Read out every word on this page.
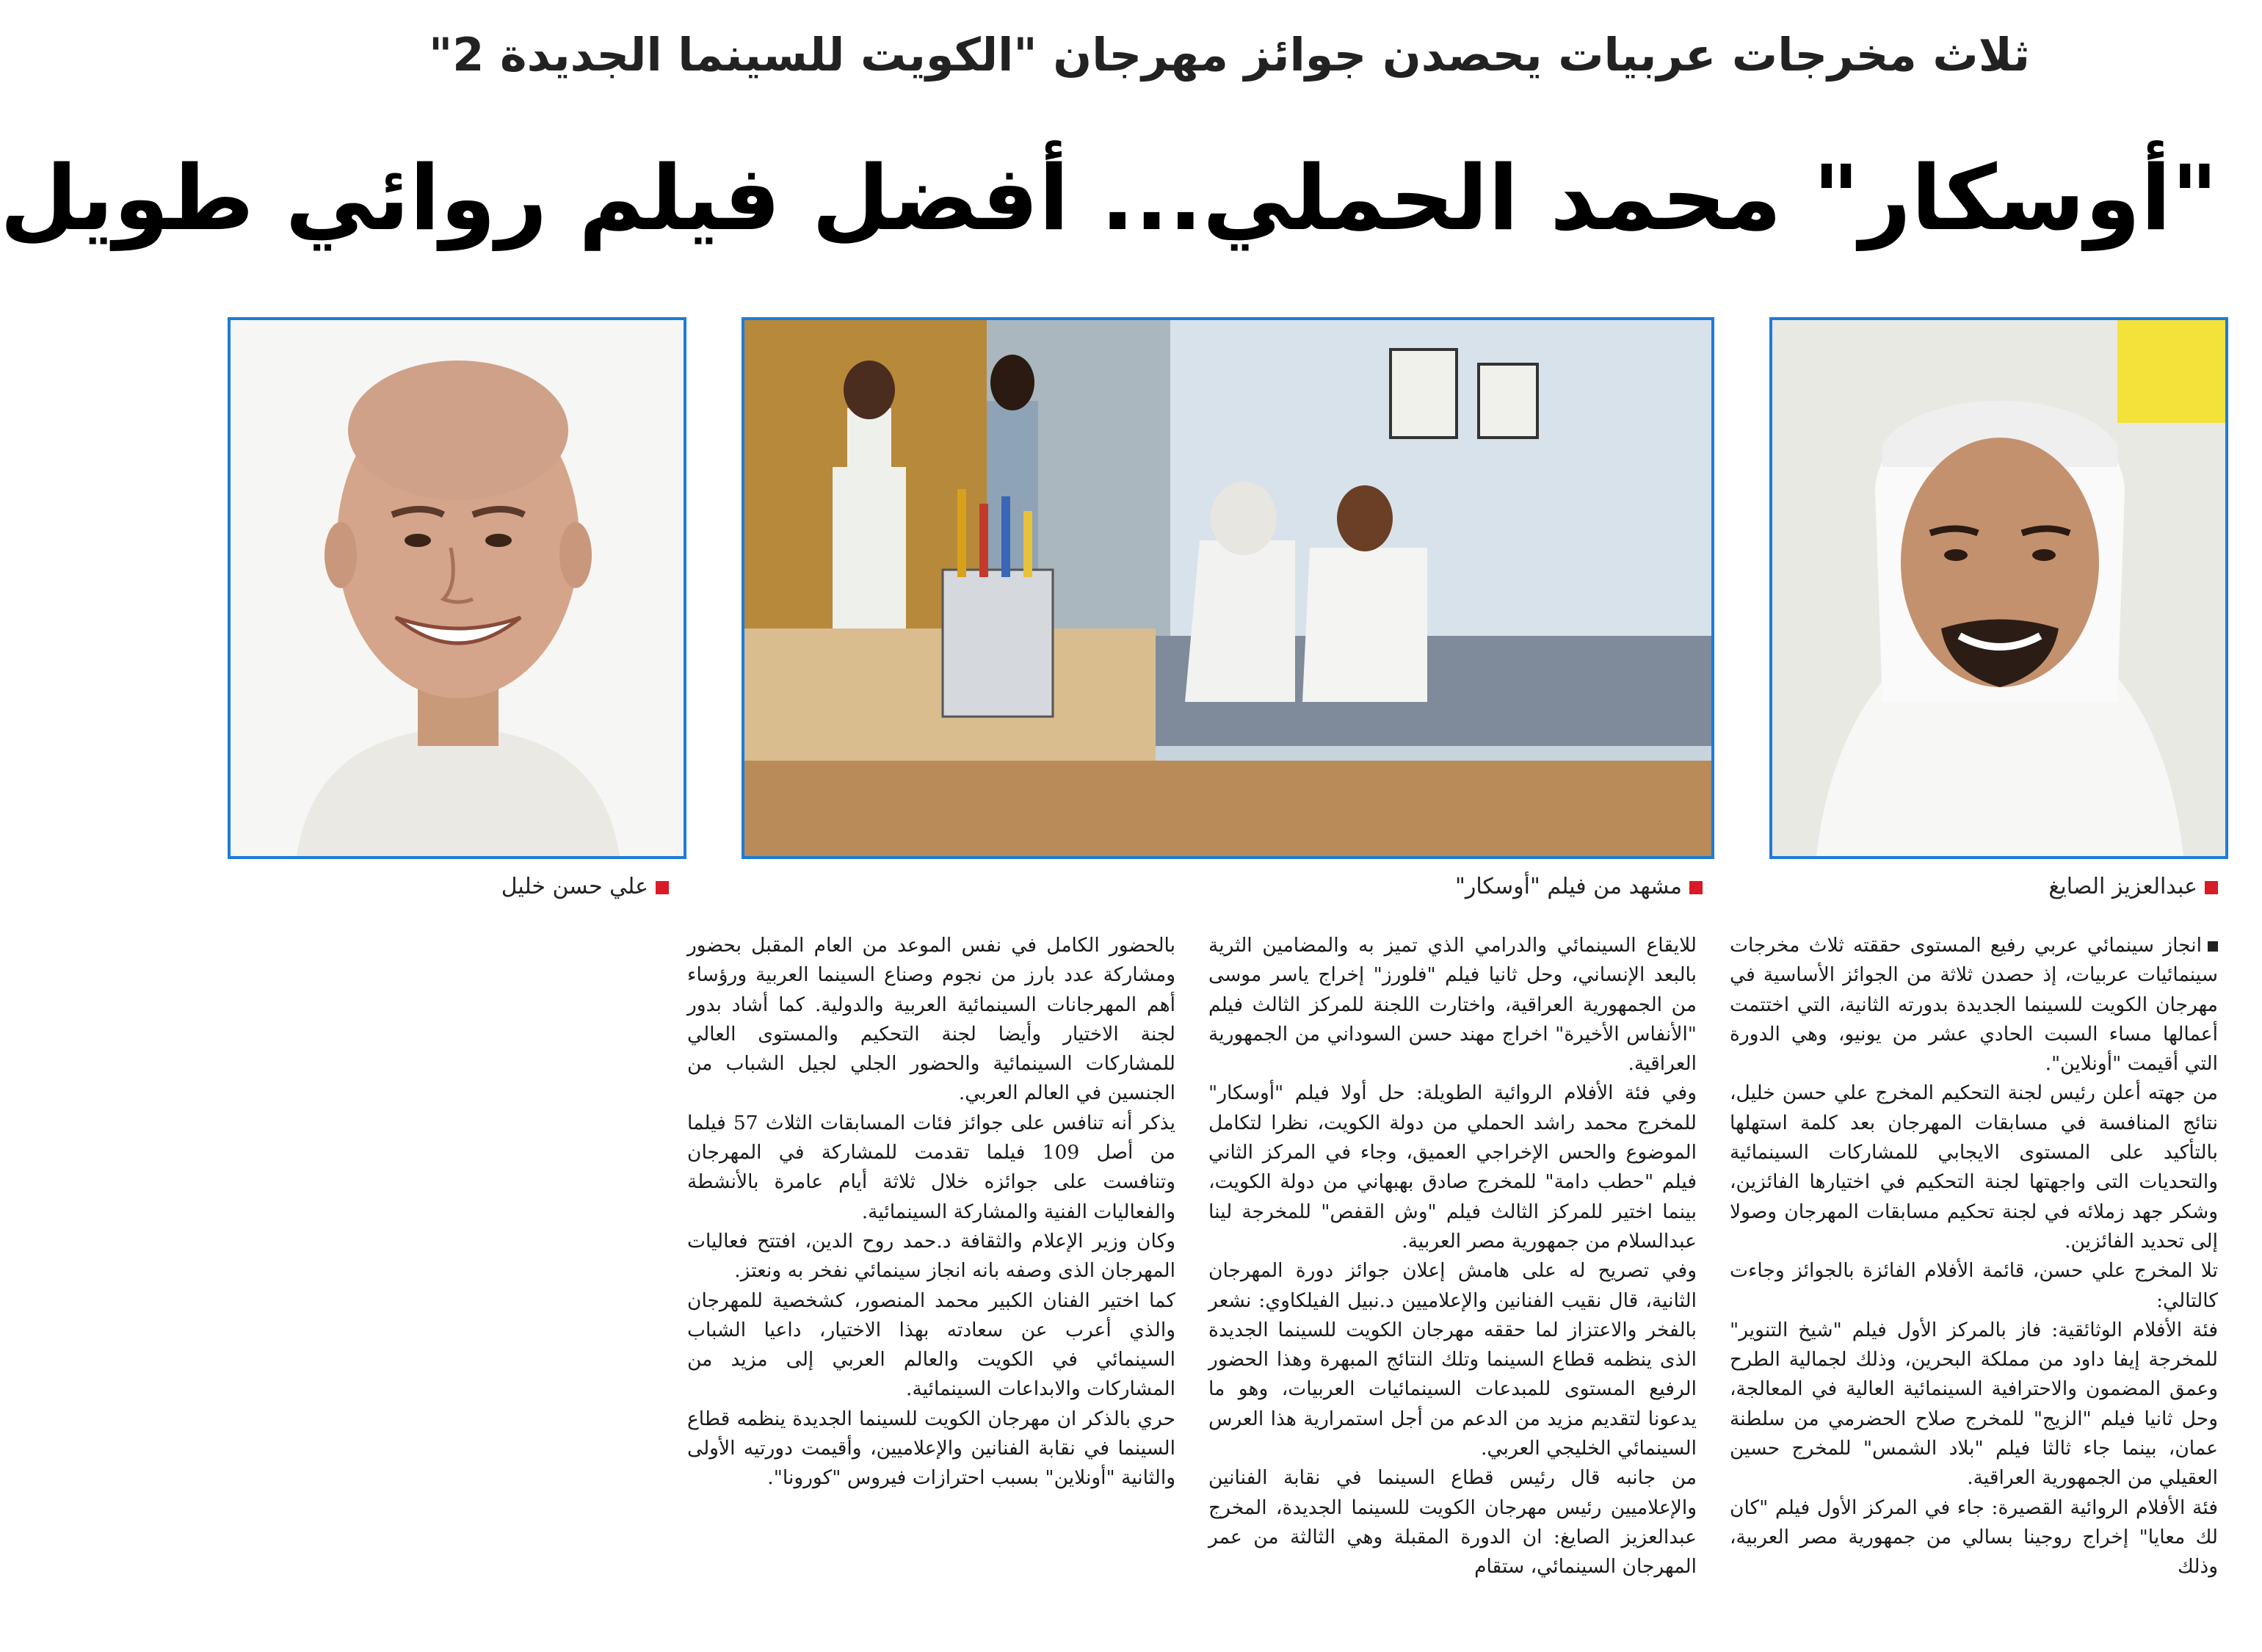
ثلاث مخرجات عربيات يحصدن جوائز مهرجان "الكويت للسينما الجديدة 2"
"أوسكار" محمد الحملي... أفضل فيلم روائي طويل
علي حسن خليل	مشهد من فيلم "أوسكار"	عبدالعزيز الصايغ

انجاز سينمائي عربي رفيع المستوى حققته ثلاث مخرجات سينمائيات عربيات، إذ حصدن ثلاثة من الجوائز الأساسية في مهرجان الكويت للسينما الجديدة بدورته الثانية، التي اختتمت أعمالها مساء السبت الحادي عشر من يونيو، وهي الدورة التي أقيمت "أونلاين".

من جهته أعلن رئيس لجنة التحكيم المخرج علي حسن خليل، نتائج المنافسة في مسابقات المهرجان بعد كلمة استهلها بالتأكيد على المستوى الايجابي للمشاركات السينمائية والتحديات التى واجهتها لجنة التحكيم في اختيارها الفائزين، وشكر جهد زملائه في لجنة تحكيم مسابقات المهرجان وصولا إلى تحديد الفائزين.

تلا المخرج علي حسن، قائمة الأفلام الفائزة بالجوائز وجاءت كالتالي:

فئة الأفلام الوثائقية: فاز بالمركز الأول فيلم "شيخ التنوير" للمخرجة إيفا داود من مملكة البحرين، وذلك لجمالية الطرح وعمق المضمون والاحترافية السينمائية العالية في المعالجة، وحل ثانيا فيلم "الزيج" للمخرج صلاح الحضرمي من سلطنة عمان، بينما جاء ثالثا فيلم "بلاد الشمس" للمخرج حسين العقيلي من الجمهورية العراقية.

فئة الأفلام الروائية القصيرة: جاء في المركز الأول فيلم "كان لك معايا" إخراج روجينا بسالي من جمهورية مصر العربية، وذلك

للايقاع السينمائي والدرامي الذي تميز به والمضامين الثرية بالبعد الإنساني، وحل ثانيا فيلم "فلورز" إخراج ياسر موسى من الجمهورية العراقية، واختارت اللجنة للمركز الثالث فيلم "الأنفاس الأخيرة" اخراج مهند حسن السوداني من الجمهورية العراقية.

وفي فئة الأفلام الروائية الطويلة: حل أولا فيلم "أوسكار" للمخرج محمد راشد الحملي من دولة الكويت، نظرا لتكامل الموضوع والحس الإخراجي العميق، وجاء في المركز الثاني فيلم "حطب دامة" للمخرج صادق بهبهاني من دولة الكويت، بينما اختير للمركز الثالث فيلم "وش القفص" للمخرجة لينا عبدالسلام من جمهورية مصر العربية.

وفي تصريح له على هامش إعلان جوائز دورة المهرجان الثانية، قال نقيب الفنانين والإعلاميين د.نبيل الفيلكاوي: نشعر بالفخر والاعتزاز لما حققه مهرجان الكويت للسينما الجديدة الذى ينظمه قطاع السينما وتلك النتائج المبهرة وهذا الحضور الرفيع المستوى للمبدعات السينمائيات العربيات، وهو ما يدعونا لتقديم مزيد من الدعم من أجل استمرارية هذا العرس السينمائي الخليجي العربي.

من جانبه قال رئيس قطاع السينما في نقابة الفنانين والإعلاميين رئيس مهرجان الكويت للسينما الجديدة، المخرج عبدالعزيز الصايغ: ان الدورة المقبلة وهي الثالثة من عمر المهرجان السينمائي، ستقام

بالحضور الكامل في نفس الموعد من العام المقبل بحضور ومشاركة عدد بارز من نجوم وصناع السينما العربية ورؤساء أهم المهرجانات السينمائية العربية والدولية. كما أشاد بدور لجنة الاختيار وأيضا لجنة التحكيم والمستوى العالي للمشاركات السينمائية والحضور الجلي لجيل الشباب من الجنسين في العالم العربي.

يذكر أنه تنافس على جوائز فئات المسابقات الثلاث 57 فيلما من أصل 109 فيلما تقدمت للمشاركة في المهرجان وتنافست على جوائزه خلال ثلاثة أيام عامرة بالأنشطة والفعاليات الفنية والمشاركة السينمائية.

وكان وزير الإعلام والثقافة د.حمد روح الدين، افتتح فعاليات المهرجان الذى وصفه بانه انجاز سينمائي نفخر به ونعتز.

كما اختير الفنان الكبير محمد المنصور، كشخصية للمهرجان والذي أعرب عن سعادته بهذا الاختيار، داعيا الشباب السينمائي في الكويت والعالم العربي إلى مزيد من المشاركات والابداعات السينمائية.

حري بالذكر ان مهرجان الكويت للسينما الجديدة ينظمه قطاع السينما في نقابة الفنانين والإعلاميين، وأقيمت دورتيه الأولى والثانية "أونلاين" بسبب احترازات فيروس "كورونا".
